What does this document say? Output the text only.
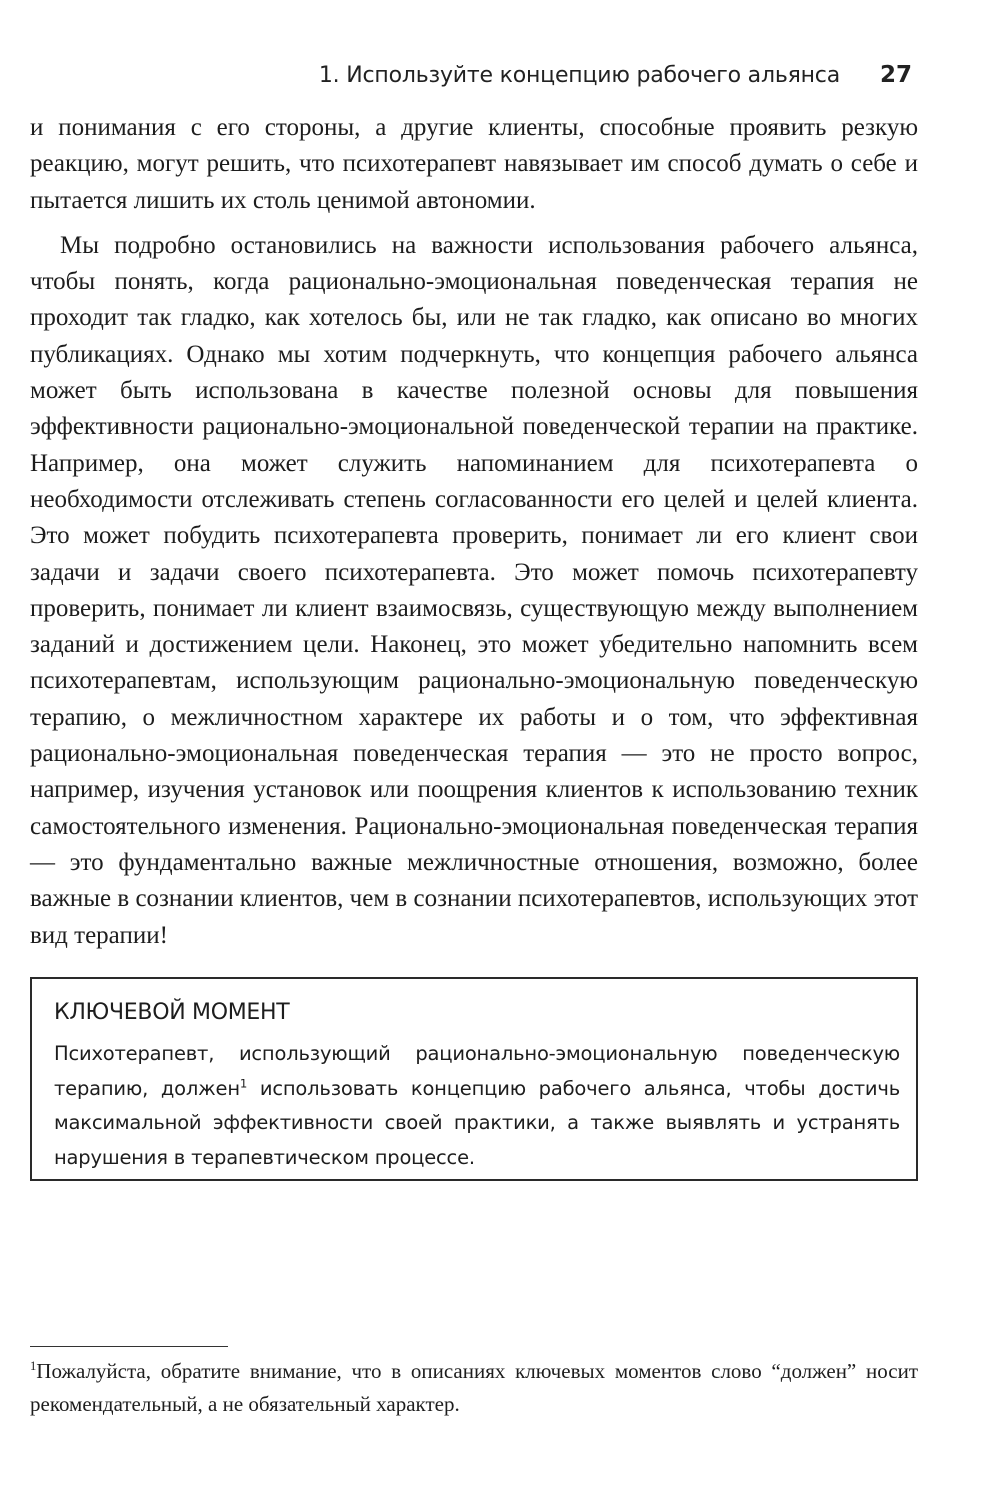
1. Используйте концепцию рабочего альянса 27

и понимания с его стороны, а другие клиенты, способные проявить резкую реакцию, могут решить, что психотерапевт навязывает им способ думать о себе и пытается лишить их столь ценимой автономии.

Мы подробно остановились на важности использования рабочего альянса, чтобы понять, когда рационально-эмоциональная поведенческая терапия не проходит так гладко, как хотелось бы, или не так гладко, как описано во многих публикациях. Однако мы хотим подчеркнуть, что концепция рабочего альянса может быть использована в качестве полезной основы для повышения эффективности рационально-эмоциональной поведенческой терапии на практике. Например, она может служить напоминанием для психотерапевта о необходимости отслеживать степень согласованности его целей и целей клиента. Это может побудить психотерапевта проверить, понимает ли его клиент свои задачи и задачи своего психотерапевта. Это может помочь психотерапевту проверить, понимает ли клиент взаимосвязь, существующую между выполнением заданий и достижением цели. Наконец, это может убедительно напомнить всем психотерапевтам, использующим рационально-эмоциональную поведенческую терапию, о межличностном характере их работы и о том, что эффективная рационально-эмоциональная поведенческая терапия — это не просто вопрос, например, изучения установок или поощрения клиентов к использованию техник самостоятельного изменения. Рационально-эмоциональная поведенческая терапия — это фундаментально важные межличностные отношения, возможно, более важные в сознании клиентов, чем в сознании психотерапевтов, использующих этот вид терапии!

КЛЮЧЕВОЙ МОМЕНТ
Психотерапевт, использующий рационально-эмоциональную поведенческую терапию, должен$^1$ использовать концепцию рабочего альянса, чтобы достичь максимальной эффективности своей практики, а также выявлять и устранять нарушения в терапевтическом процессе.
$^1$Пожалуйста, обратите внимание, что в описаниях ключевых моментов слово “должен” носит рекомендательный, а не обязательный характер.
